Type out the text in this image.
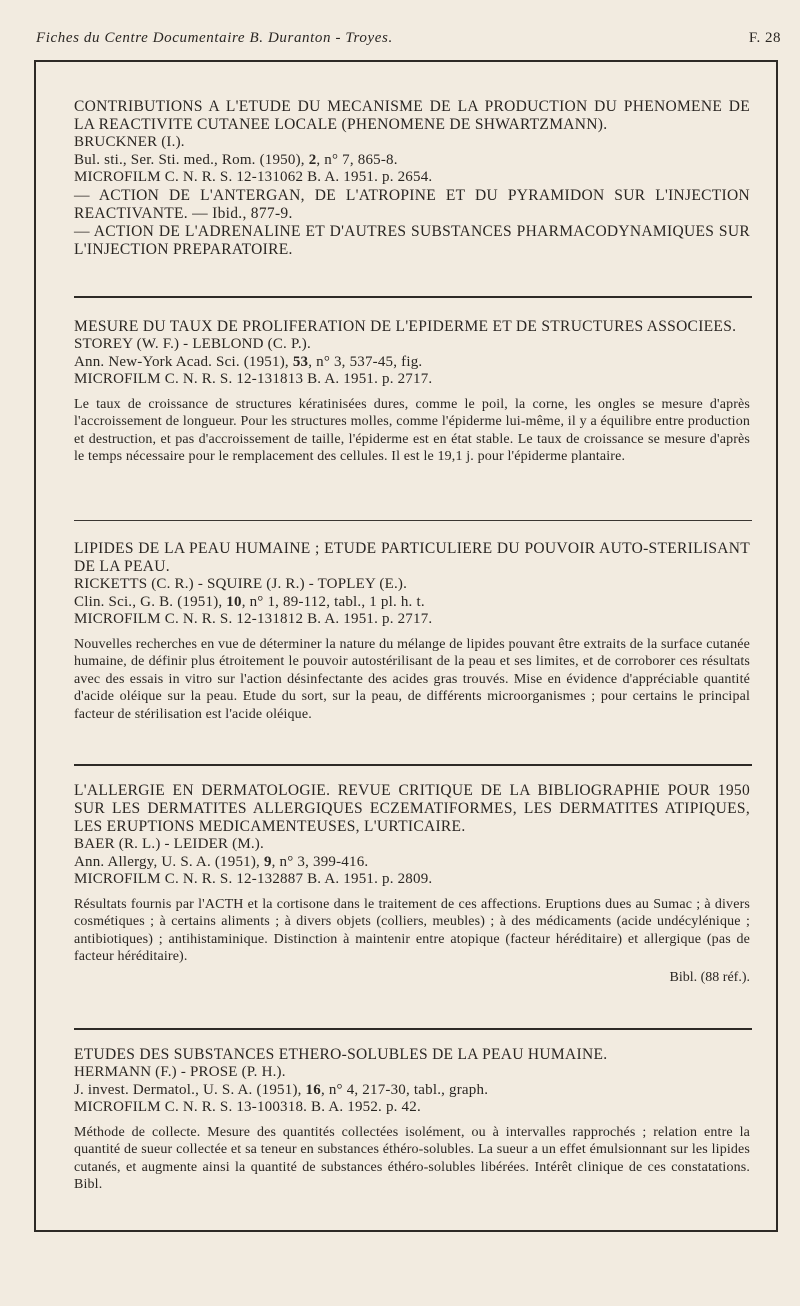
Fiches du Centre Documentaire B. Duranton - Troyes.	F. 28
CONTRIBUTIONS A L'ETUDE DU MECANISME DE LA PRODUCTION DU PHENOMENE DE LA REACTIVITE CUTANEE LOCALE (PHENOMENE DE SHWARTZMANN).
BRUCKNER (I.).
Bul. sti., Ser. Sti. med., Rom. (1950), 2, n° 7, 865-8.
MICROFILM C. N. R. S. 12-131062 B. A. 1951. p. 2654.
— ACTION DE L'ANTERGAN, DE L'ATROPINE ET DU PYRAMIDON SUR L'INJECTION REACTIVANTE. — Ibid., 877-9.
— ACTION DE L'ADRENALINE ET D'AUTRES SUBSTANCES PHARMACODYNAMIQUES SUR L'INJECTION PREPARATOIRE.
MESURE DU TAUX DE PROLIFERATION DE L'EPIDERME ET DE STRUCTURES ASSOCIEES.
STOREY (W. F.) - LEBLOND (C. P.).
Ann. New-York Acad. Sci. (1951), 53, n° 3, 537-45, fig.
MICROFILM C. N. R. S. 12-131813 B. A. 1951. p. 2717.
Le taux de croissance de structures kératinisées dures, comme le poil, la corne, les ongles se mesure d'après l'accroissement de longueur. Pour les structures molles, comme l'épiderme lui-même, il y a équilibre entre production et destruction, et pas d'accroissement de taille, l'épiderme est en état stable. Le taux de croissance se mesure d'après le temps nécessaire pour le remplacement des cellules. Il est le 19,1 j. pour l'épiderme plantaire.
LIPIDES DE LA PEAU HUMAINE ; ETUDE PARTICULIERE DU POUVOIR AUTO-STERILISANT DE LA PEAU.
RICKETTS (C. R.) - SQUIRE (J. R.) - TOPLEY (E.).
Clin. Sci., G. B. (1951), 10, n° 1, 89-112, tabl., 1 pl. h. t.
MICROFILM C. N. R. S. 12-131812 B. A. 1951. p. 2717.
Nouvelles recherches en vue de déterminer la nature du mélange de lipides pouvant être extraits de la surface cutanée humaine, de définir plus étroitement le pouvoir autostérilisant de la peau et ses limites, et de corroborer ces résultats avec des essais in vitro sur l'action désinfectante des acides gras trouvés. Mise en évidence d'appréciable quantité d'acide oléique sur la peau. Etude du sort, sur la peau, de différents microorganismes ; pour certains le principal facteur de stérilisation est l'acide oléique.
L'ALLERGIE EN DERMATOLOGIE. REVUE CRITIQUE DE LA BIBLIOGRAPHIE POUR 1950 SUR LES DERMATITES ALLERGIQUES ECZEMATIFORMES, LES DERMATITES ATIPIQUES, LES ERUPTIONS MEDICAMENTEUSES, L'URTICAIRE.
BAER (R. L.) - LEIDER (M.).
Ann. Allergy, U. S. A. (1951), 9, n° 3, 399-416.
MICROFILM C. N. R. S. 12-132887 B. A. 1951. p. 2809.
Résultats fournis par l'ACTH et la cortisone dans le traitement de ces affections. Eruptions dues au Sumac ; à divers cosmétiques ; à certains aliments ; à divers objets (colliers, meubles) ; à des médicaments (acide undécylénique ; antibiotiques) ; antihistaminique. Distinction à maintenir entre atopique (facteur héréditaire) et allergique (pas de facteur héréditaire).
Bibl. (88 réf.).
ETUDES DES SUBSTANCES ETHERO-SOLUBLES DE LA PEAU HUMAINE.
HERMANN (F.) - PROSE (P. H.).
J. invest. Dermatol., U. S. A. (1951), 16, n° 4, 217-30, tabl., graph.
MICROFILM C. N. R. S. 13-100318. B. A. 1952. p. 42.
Méthode de collecte. Mesure des quantités collectées isolément, ou à intervalles rapprochés ; relation entre la quantité de sueur collectée et sa teneur en substances éthéro-solubles. La sueur a un effet émulsionnant sur les lipides cutanés, et augmente ainsi la quantité de substances éthéro-solubles libérées. Intérêt clinique de ces constatations. Bibl.
